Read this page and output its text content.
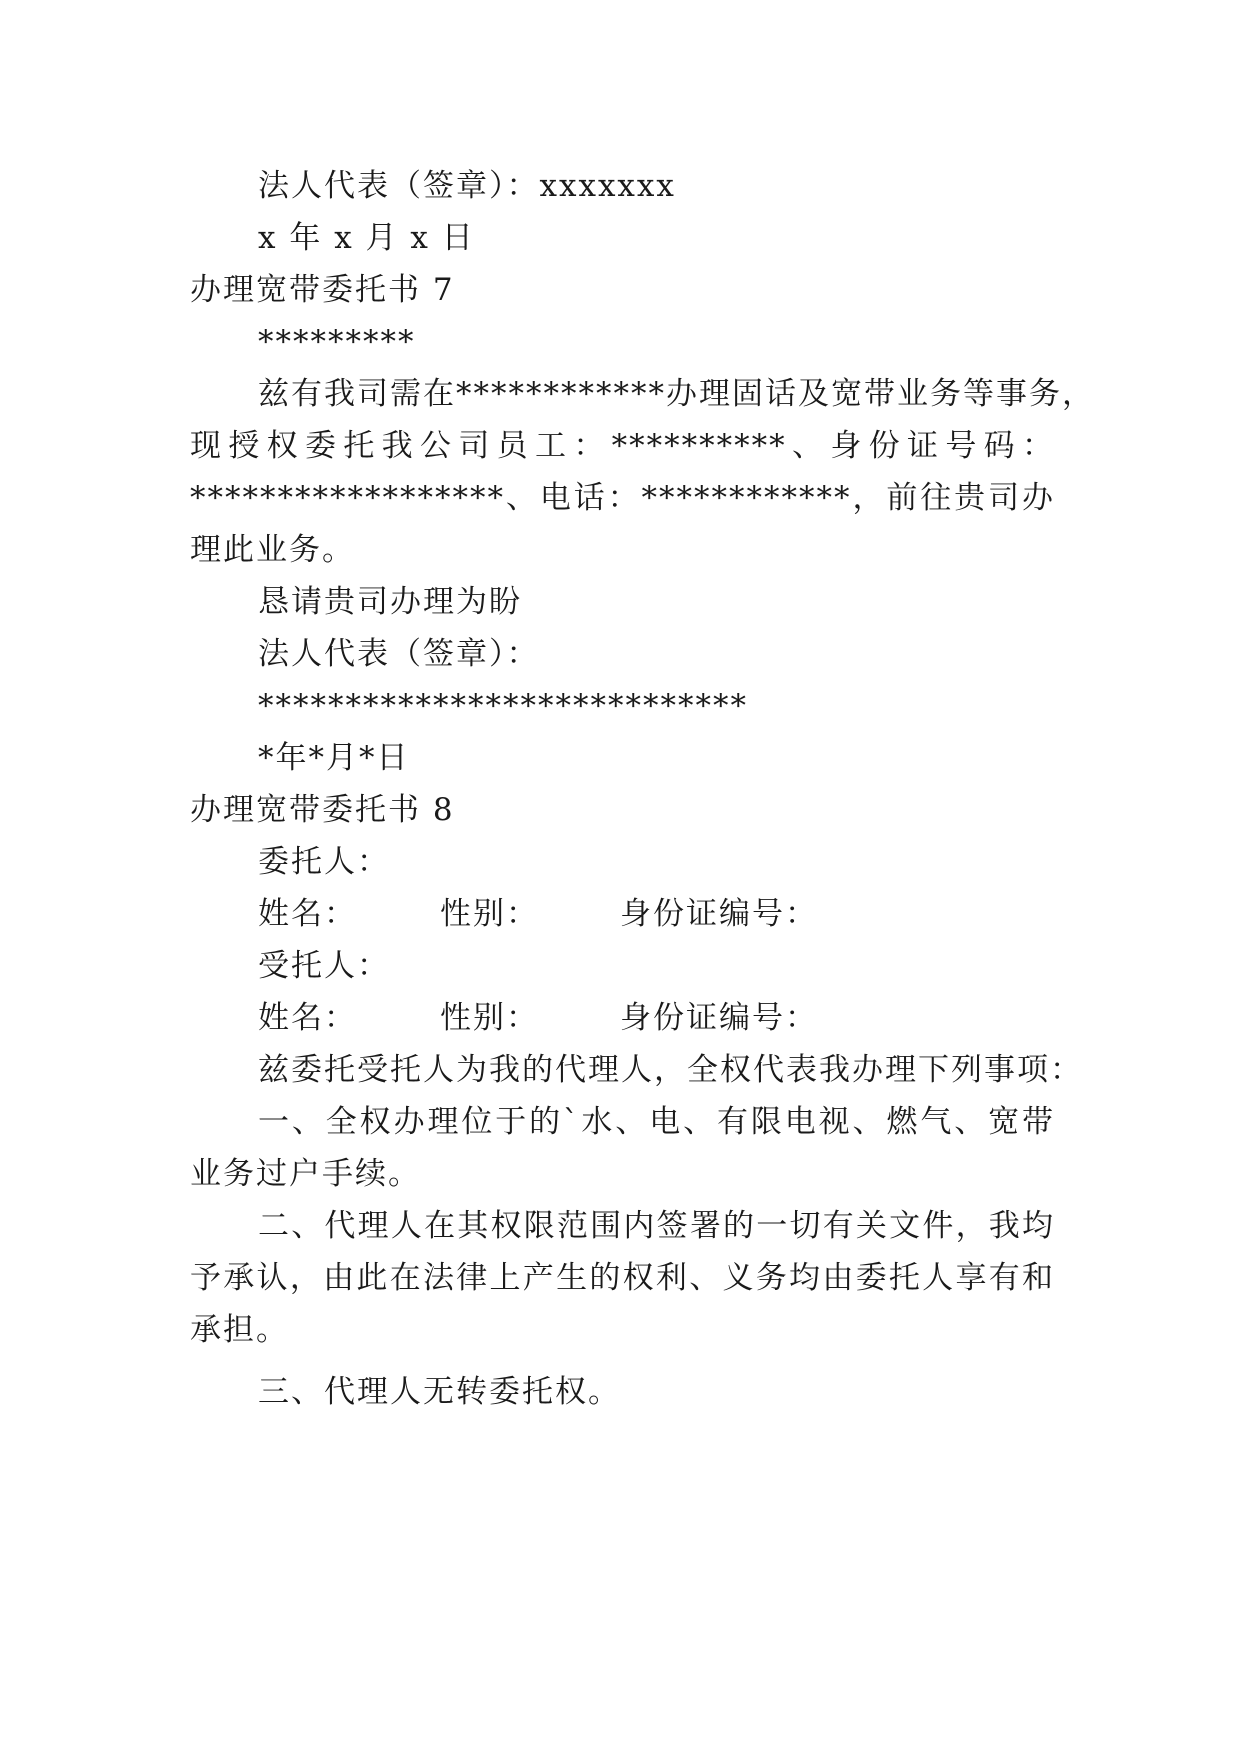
法人代表（签章）：xxxxxxx
x 年 x 月 x 日
办理宽带委托书 7
*********
兹有我司需在************办理固话及宽带业务等事务，
现授权委托我公司员工：**********、身份证号码：
******************、电话：************，前往贵司办
理此业务。
恳请贵司办理为盼
法人代表（签章）：
****************************
*年*月*日
办理宽带委托书 8
委托人：
姓名：	性别：	身份证编号：
受托人：
姓名：	性别：	身份证编号：
兹委托受托人为我的代理人，全权代表我办理下列事项：
一、全权办理位于的`水、电、有限电视、燃气、宽带
业务过户手续。
二、代理人在其权限范围内签署的一切有关文件，我均
予承认，由此在法律上产生的权利、义务均由委托人享有和
承担。
三、代理人无转委托权。
